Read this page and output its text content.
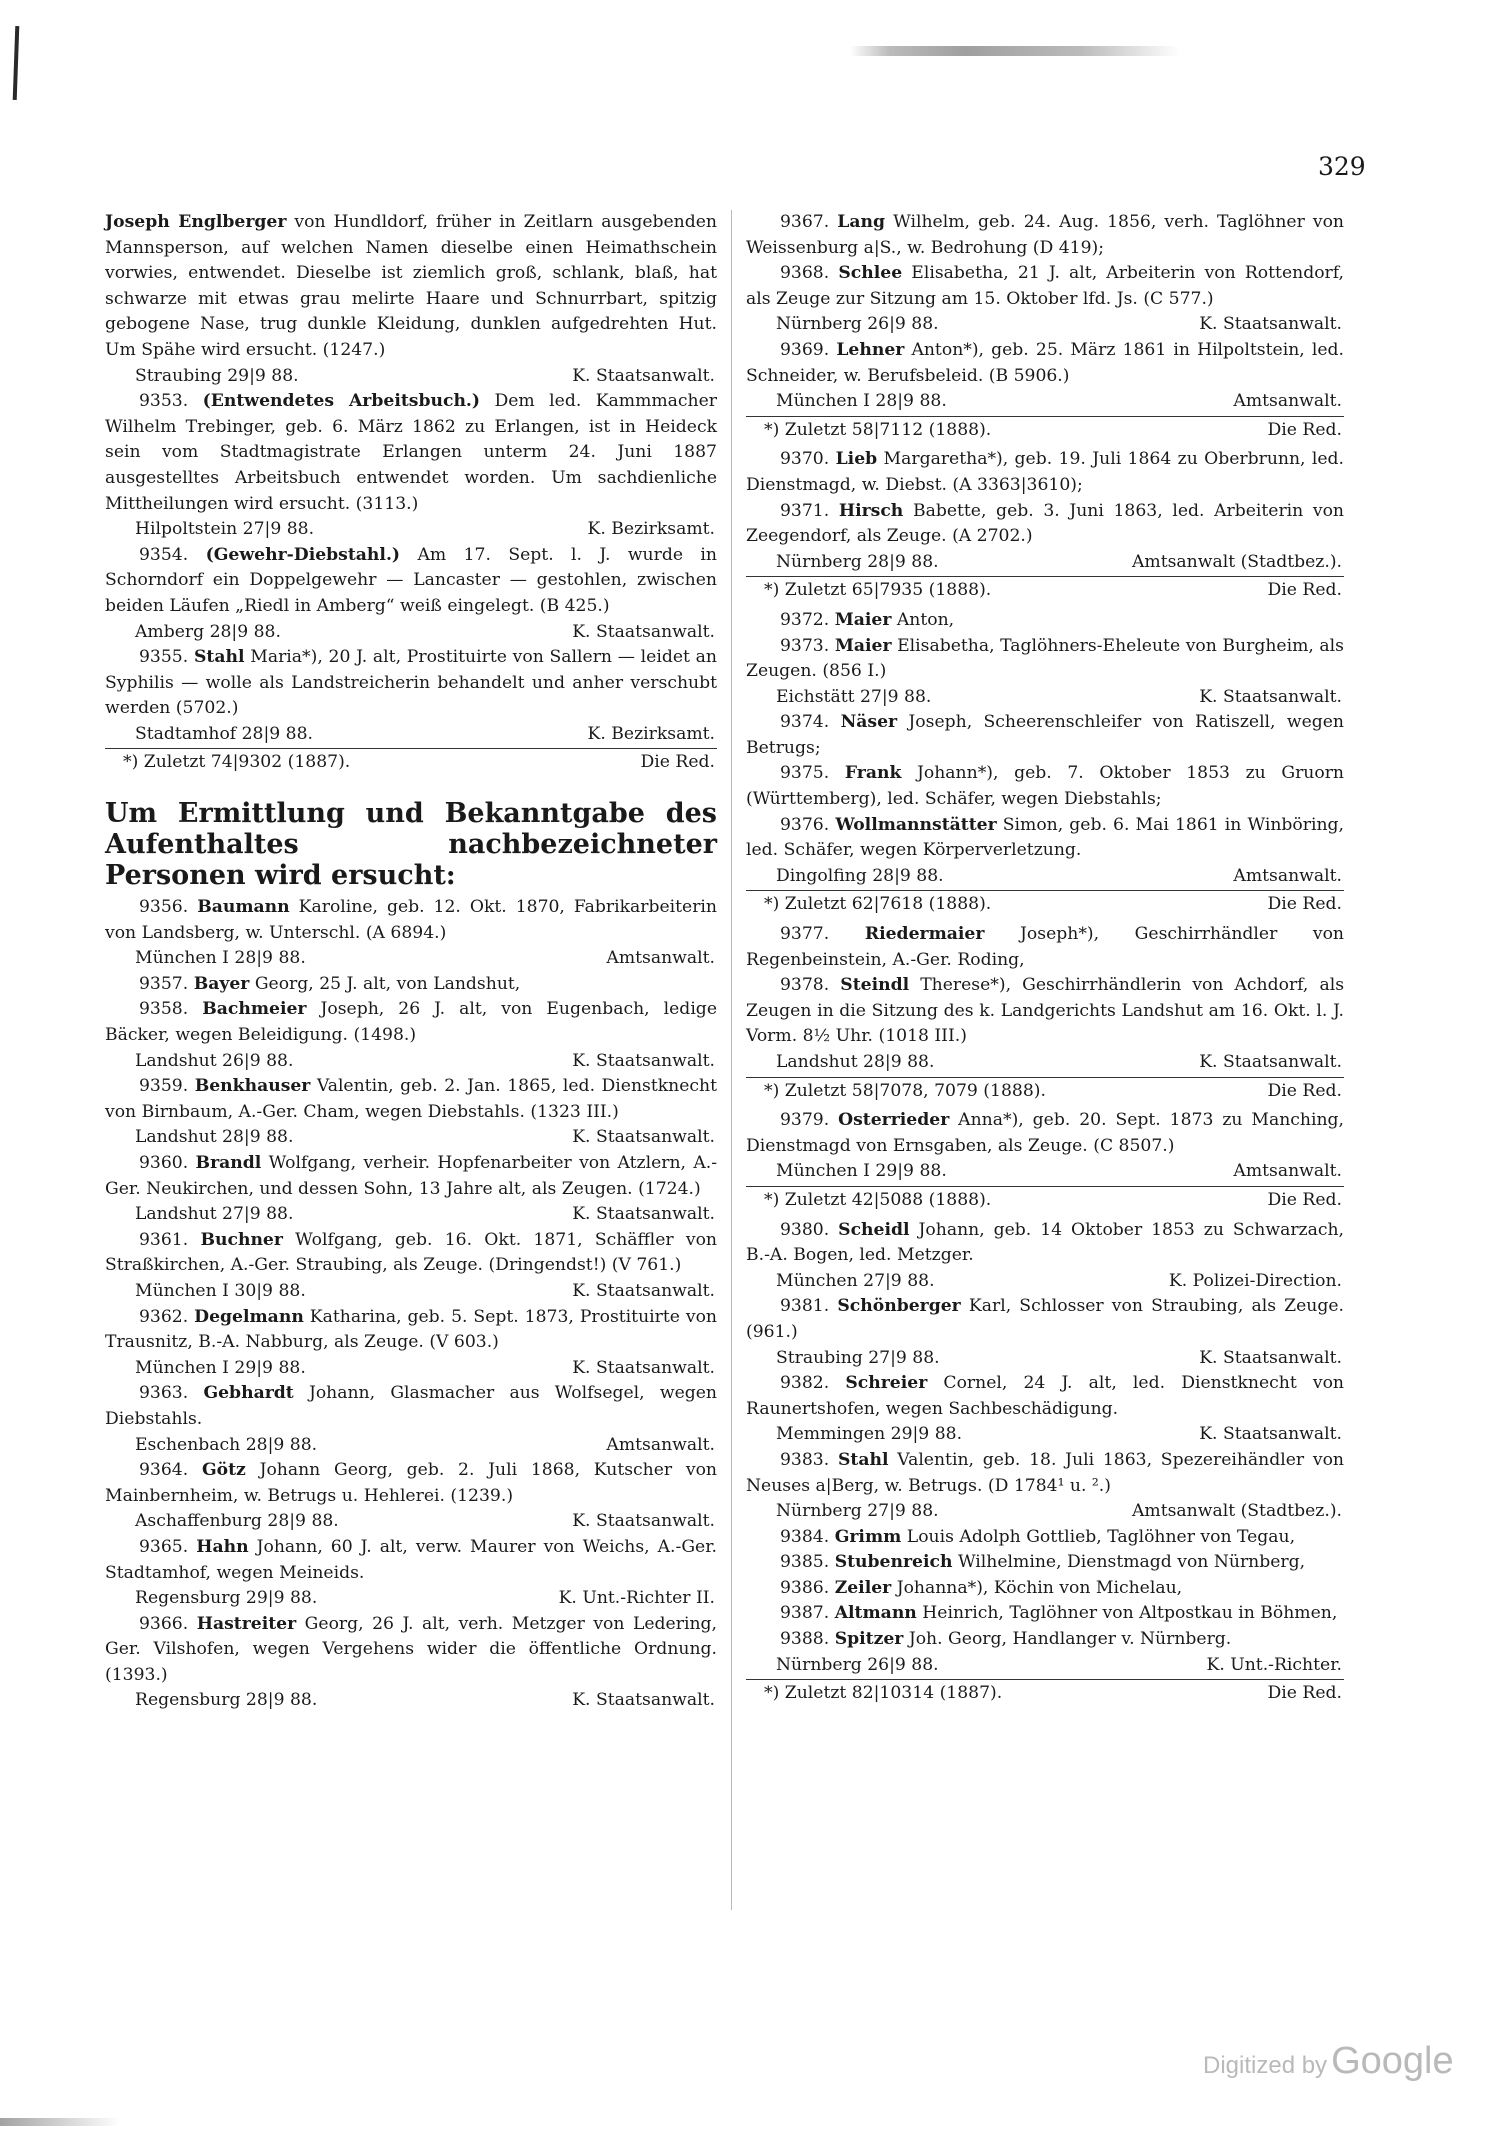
329

Joseph Englberger von Hundldorf, früher in Zeitlarn ausgebenden Mannsperson, auf welchen Namen dieselbe einen Heimathschein vorwies, entwendet. Dieselbe ist ziemlich groß, schlank, blaß, hat schwarze mit etwas grau melirte Haare und Schnurrbart, spitzig gebogene Nase, trug dunkle Kleidung, dunklen aufgedrehten Hut. Um Spähe wird ersucht. (1247.)

Straubing 29|9 88.	K. Staatsanwalt.

9353. (Entwendetes Arbeitsbuch.) Dem led. Kammmacher Wilhelm Trebinger, geb. 6. März 1862 zu Erlangen, ist in Heideck sein vom Stadtmagistrate Erlangen unterm 24. Juni 1887 ausgestelltes Arbeitsbuch entwendet worden. Um sachdienliche Mittheilungen wird ersucht. (3113.)

Hilpoltstein 27|9 88.	K. Bezirksamt.

9354. (Gewehr-Diebstahl.) Am 17. Sept. l. J. wurde in Schorndorf ein Doppelgewehr — Lancaster — gestohlen, zwischen beiden Läufen „Riedl in Amberg“ weiß eingelegt. (B 425.)

Amberg 28|9 88.	K. Staatsanwalt.

9355. Stahl Maria*), 20 J. alt, Prostituirte von Sallern — leidet an Syphilis — wolle als Landstreicherin behandelt und anher verschubt werden (5702.)

Stadtamhof 28|9 88.	K. Bezirksamt.
*) Zuletzt 74|9302 (1887).	Die Red.
Um Ermittlung und Bekanntgabe des Aufenthaltes nachbezeichneter Personen wird ersucht:

9356. Baumann Karoline, geb. 12. Okt. 1870, Fabrikarbeiterin von Landsberg, w. Unterschl. (A 6894.)

München I 28|9 88.	Amtsanwalt.

9357. Bayer Georg, 25 J. alt, von Landshut,

9358. Bachmeier Joseph, 26 J. alt, von Eugenbach, ledige Bäcker, wegen Beleidigung. (1498.)

Landshut 26|9 88.	K. Staatsanwalt.

9359. Benkhauser Valentin, geb. 2. Jan. 1865, led. Dienstknecht von Birnbaum, A.-Ger. Cham, wegen Diebstahls. (1323 III.)

Landshut 28|9 88.	K. Staatsanwalt.

9360. Brandl Wolfgang, verheir. Hopfenarbeiter von Atzlern, A.-Ger. Neukirchen, und dessen Sohn, 13 Jahre alt, als Zeugen. (1724.)

Landshut 27|9 88.	K. Staatsanwalt.

9361. Buchner Wolfgang, geb. 16. Okt. 1871, Schäffler von Straßkirchen, A.-Ger. Straubing, als Zeuge. (Dringendst!) (V 761.)

München I 30|9 88.	K. Staatsanwalt.

9362. Degelmann Katharina, geb. 5. Sept. 1873, Prostituirte von Trausnitz, B.-A. Nabburg, als Zeuge. (V 603.)

München I 29|9 88.	K. Staatsanwalt.

9363. Gebhardt Johann, Glasmacher aus Wolfsegel, wegen Diebstahls.

Eschenbach 28|9 88.	Amtsanwalt.

9364. Götz Johann Georg, geb. 2. Juli 1868, Kutscher von Mainbernheim, w. Betrugs u. Hehlerei. (1239.)

Aschaffenburg 28|9 88.	K. Staatsanwalt.

9365. Hahn Johann, 60 J. alt, verw. Maurer von Weichs, A.-Ger. Stadtamhof, wegen Meineids.

Regensburg 29|9 88.	K. Unt.-Richter II.

9366. Hastreiter Georg, 26 J. alt, verh. Metzger von Ledering, Ger. Vilshofen, wegen Vergehens wider die öffentliche Ordnung. (1393.)

Regensburg 28|9 88.	K. Staatsanwalt.

9367. Lang Wilhelm, geb. 24. Aug. 1856, verh. Taglöhner von Weissenburg a|S., w. Bedrohung (D 419);

9368. Schlee Elisabetha, 21 J. alt, Arbeiterin von Rottendorf, als Zeuge zur Sitzung am 15. Oktober lfd. Js. (C 577.)

Nürnberg 26|9 88.	K. Staatsanwalt.

9369. Lehner Anton*), geb. 25. März 1861 in Hilpoltstein, led. Schneider, w. Berufsbeleid. (B 5906.)

München I 28|9 88.	Amtsanwalt.
*) Zuletzt 58|7112 (1888).	Die Red.

9370. Lieb Margaretha*), geb. 19. Juli 1864 zu Oberbrunn, led. Dienstmagd, w. Diebst. (A 3363|3610);

9371. Hirsch Babette, geb. 3. Juni 1863, led. Arbeiterin von Zeegendorf, als Zeuge. (A 2702.)

Nürnberg 28|9 88.	Amtsanwalt (Stadtbez.).
*) Zuletzt 65|7935 (1888).	Die Red.

9372. Maier Anton,

9373. Maier Elisabetha, Taglöhners-Eheleute von Burgheim, als Zeugen. (856 I.)

Eichstätt 27|9 88.	K. Staatsanwalt.

9374. Näser Joseph, Scheerenschleifer von Ratiszell, wegen Betrugs;

9375. Frank Johann*), geb. 7. Oktober 1853 zu Gruorn (Württemberg), led. Schäfer, wegen Diebstahls;

9376. Wollmannstätter Simon, geb. 6. Mai 1861 in Winböring, led. Schäfer, wegen Körperverletzung.

Dingolfing 28|9 88.	Amtsanwalt.
*) Zuletzt 62|7618 (1888).	Die Red.

9377. Riedermaier Joseph*), Geschirrhändler von Regenbeinstein, A.-Ger. Roding,

9378. Steindl Therese*), Geschirrhändlerin von Achdorf, als Zeugen in die Sitzung des k. Landgerichts Landshut am 16. Okt. l. J. Vorm. 8½ Uhr. (1018 III.)

Landshut 28|9 88.	K. Staatsanwalt.
*) Zuletzt 58|7078, 7079 (1888).	Die Red.

9379. Osterrieder Anna*), geb. 20. Sept. 1873 zu Manching, Dienstmagd von Ernsgaben, als Zeuge. (C 8507.)

München I 29|9 88.	Amtsanwalt.
*) Zuletzt 42|5088 (1888).	Die Red.

9380. Scheidl Johann, geb. 14 Oktober 1853 zu Schwarzach, B.-A. Bogen, led. Metzger.

München 27|9 88.	K. Polizei-Direction.

9381. Schönberger Karl, Schlosser von Straubing, als Zeuge. (961.)

Straubing 27|9 88.	K. Staatsanwalt.

9382. Schreier Cornel, 24 J. alt, led. Dienstknecht von Raunertshofen, wegen Sachbeschädigung.

Memmingen 29|9 88.	K. Staatsanwalt.

9383. Stahl Valentin, geb. 18. Juli 1863, Spezereihändler von Neuses a|Berg, w. Betrugs. (D 1784¹ u. ².)

Nürnberg 27|9 88.	Amtsanwalt (Stadtbez.).

9384. Grimm Louis Adolph Gottlieb, Taglöhner von Tegau,

9385. Stubenreich Wilhelmine, Dienstmagd von Nürnberg,

9386. Zeiler Johanna*), Köchin von Michelau,

9387. Altmann Heinrich, Taglöhner von Altpostkau in Böhmen,

9388. Spitzer Joh. Georg, Handlanger v. Nürnberg.

Nürnberg 26|9 88.	K. Unt.-Richter.
*) Zuletzt 82|10314 (1887).	Die Red.
Digitized by Google
